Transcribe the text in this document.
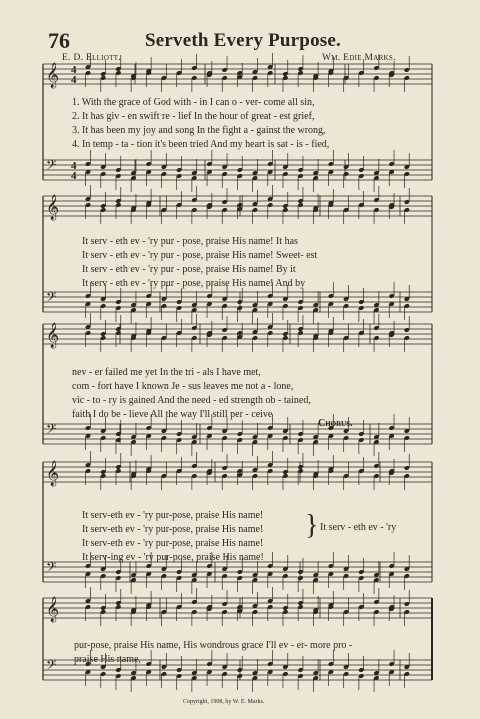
76	Serveth Every Purpose.
E. D. Elliott.	Wm. Edie Marks.
𝄞
𝄢
4
4
4
4
𝄞
𝄢
𝄞
𝄢
𝄞
𝄢
𝄞
𝄢
1. With the grace of God with - in I can o - ver- come all sin,
2. It has giv - en swift re - lief In the hour of great - est grief,
3. It has been my joy and song In the fight a - gainst the wrong,
4. In temp - ta - tion it's been tried And my heart is sat - is - fied,
It serv - eth ev - 'ry pur - pose, praise His name! It has
It serv - eth ev - 'ry pur - pose, praise His name! Sweet- est
It serv - eth ev - 'ry pur - pose, praise His name! By it
It serv - eth ev - 'ry pur - pose, praise His name! And by
nev - er failed me yet In the tri - als I have met,
com - fort have I known Je - sus leaves me not a - lone,
vic - to - ry is gained And the need - ed strength ob - tained,
faith I do be - lieve All the way I'll still per - ceive
Chorus.
It serv-eth ev - 'ry pur-pose, praise His name!
It serv-eth ev - 'ry pur-pose, praise His name!
It serv-eth ev - 'ry pur-pose, praise His name!
It serv-ing ev - 'ry pur-pose, praise His name!
} It serv - eth ev - 'ry
pur-pose, praise His name, His wondrous grace I'll ev - er- more pro -
praise His name,
Copyright, 1908, by W. E. Marks.
